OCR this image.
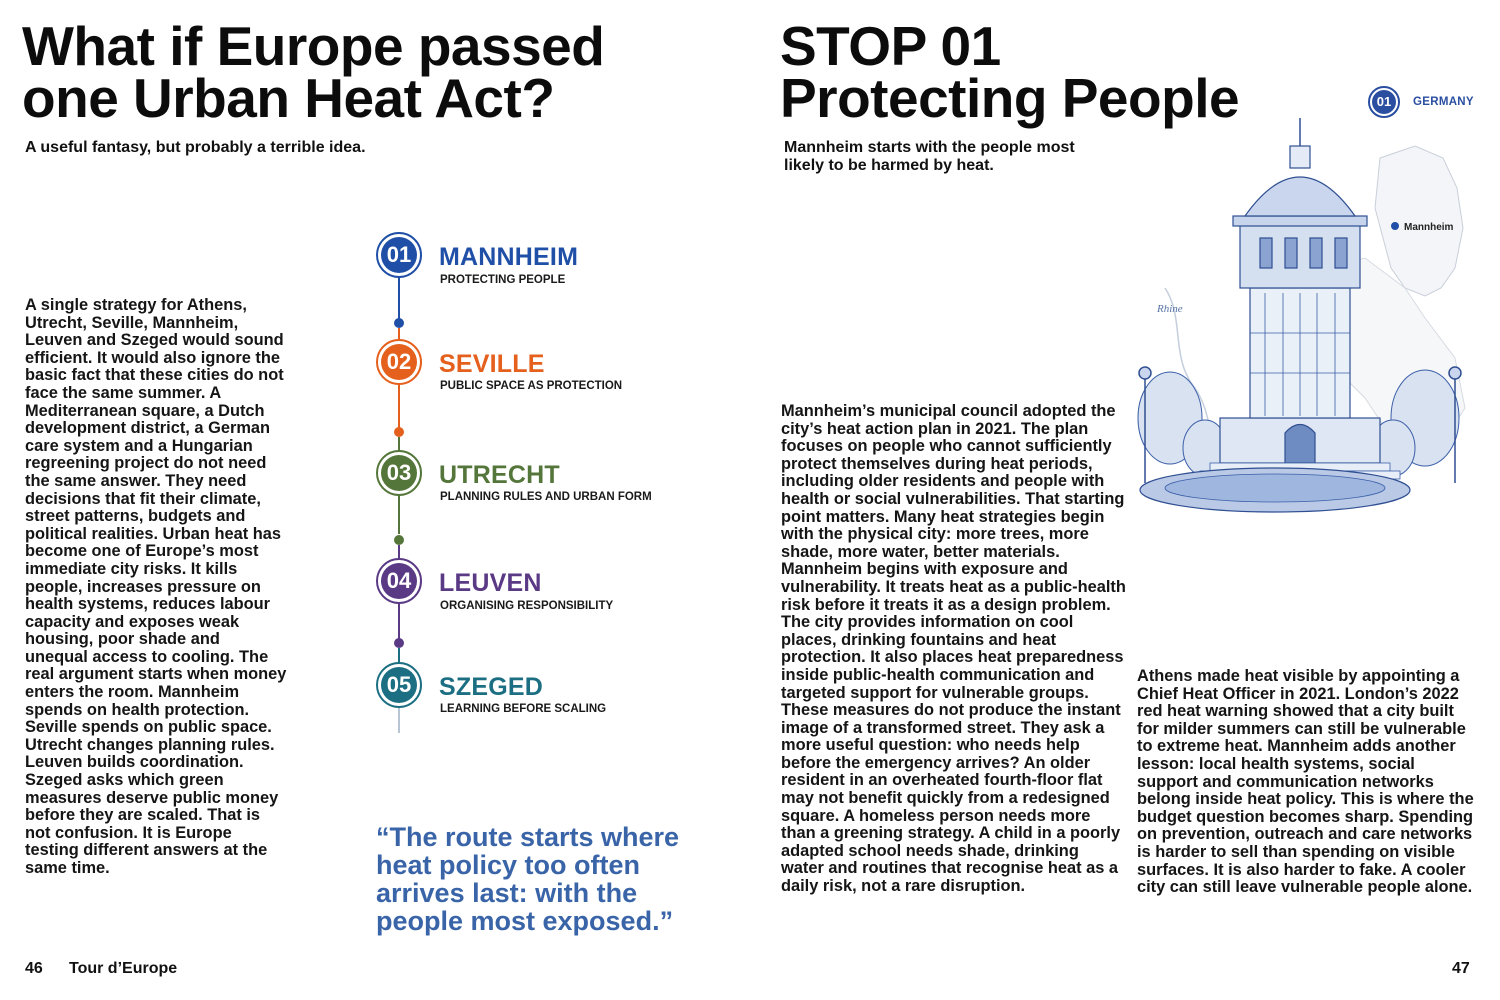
What if Europe passed
one Urban Heat Act?

A useful fantasy, but probably a terrible idea.

A single strategy for Athens, Utrecht, Seville, Mannheim, Leuven and Szeged would sound efficient. It would also ignore the basic fact that these cities do not face the same summer. A Mediterranean square, a Dutch development district, a German care system and a Hungarian regreening project do not need the same answer. They need decisions that fit their climate, street patterns, budgets and political realities. Urban heat has become one of Europe’s most immediate city risks. It kills people, increases pressure on health systems, reduces labour capacity and exposes weak housing, poor shade and unequal access to cooling. The real argument starts when money enters the room. Mannheim spends on health protection. Seville spends on public space. Utrecht changes planning rules. Leuven builds coordination. Szeged asks which green measures deserve public money before they are scaled. That is not confusion. It is Europe testing different answers at the same time.

01 MANNHEIM
PROTECTING PEOPLE
02 SEVILLE
PUBLIC SPACE AS PROTECTION
03 UTRECHT
PLANNING RULES AND URBAN FORM
04 LEUVEN
ORGANISING RESPONSIBILITY
05 SZEGED
LEARNING BEFORE SCALING

“The route starts where heat policy too often arrives last: with the people most exposed.”

46 Tour d’Europe
STOP 01
Protecting People

Mannheim starts with the people most likely to be harmed by heat.

01	GERMANY
Mannheim
Rhine

Mannheim’s municipal council adopted the city’s heat action plan in 2021. The plan focuses on people who cannot sufficiently protect themselves during heat periods, including older residents and people with health or social vulnerabilities. That starting point matters. Many heat strategies begin with the physical city: more trees, more shade, more water, better materials. Mannheim begins with exposure and vulnerability. It treats heat as a public-health risk before it treats it as a design problem. The city provides information on cool places, drinking fountains and heat protection. It also places heat preparedness inside public-health communication and targeted support for vulnerable groups. These measures do not produce the instant image of a transformed street. They ask a more useful question: who needs help before the emergency arrives? An older resident in an overheated fourth-floor flat may not benefit quickly from a redesigned square. A homeless person needs more than a greening strategy. A child in a poorly adapted school needs shade, drinking water and routines that recognise heat as a daily risk, not a rare disruption.

Athens made heat visible by appointing a Chief Heat Officer in 2021. London’s 2022 red heat warning showed that a city built for milder summers can still be vulnerable to extreme heat. Mannheim adds another lesson: local health systems, social support and communication networks belong inside heat policy. This is where the budget question becomes sharp. Spending on prevention, outreach and care networks is harder to sell than spending on visible surfaces. It is also harder to fake. A cooler city can still leave vulnerable people alone.

47
